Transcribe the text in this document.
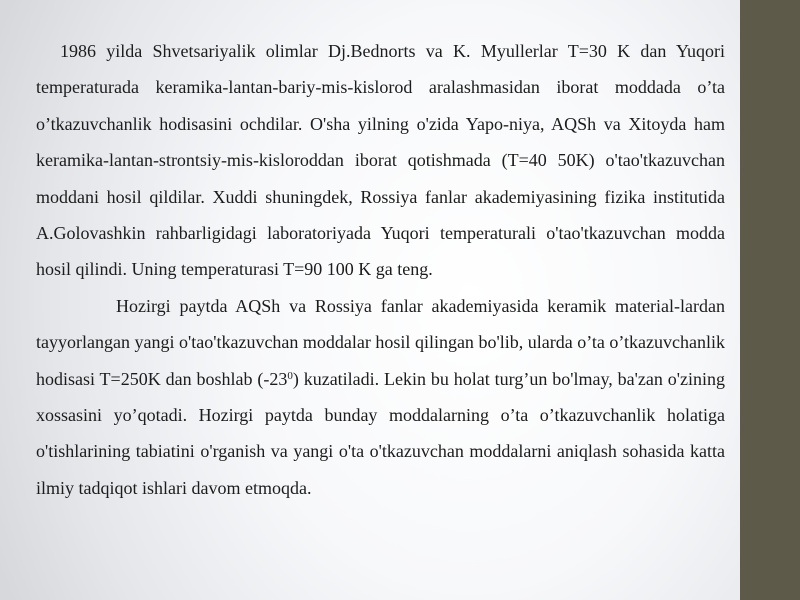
1986 yilda Shvetsariyalik olimlar Dj.Bednorts va K. Myullerlar T=30 K dan Yuqori temperaturada keramika-lantan-bariy-mis-kislorod aralashmasidan iborat moddada o’ta o’tkazuvchanlik hodisasini ochdilar. O'sha yilning o'zida Yapo-niya, AQSh va Xitoyda ham keramika-lantan-strontsiy-mis-kisloroddan iborat qotishmada (T=40 50K) o'tao'tkazuvchan moddani hosil qildilar. Xuddi shuningdek, Rossiya fanlar akademiyasining fizika institutida A.Golovashkin rahbarligidagi laboratoriyada Yuqori temperaturali o'tao'tkazuvchan modda hosil qilindi. Uning temperaturasi T=90 100 K ga teng.

Hozirgi paytda AQSh va Rossiya fanlar akademiyasida keramik material-lardan tayyorlangan yangi o'tao'tkazuvchan moddalar hosil qilingan bo'lib, ularda o’ta o’tkazuvchanlik hodisasi T=250K dan boshlab $(-23^0)$ kuzatiladi. Lekin bu holat turg’un bo'lmay, ba'zan o'zining xossasini yo’qotadi. Hozirgi paytda bunday moddalarning o’ta o’tkazuvchanlik holatiga o'tishlarining tabiatini o'rganish va yangi o'ta o'tkazuvchan moddalarni aniqlash sohasida katta ilmiy tadqiqot ishlari davom etmoqda.
